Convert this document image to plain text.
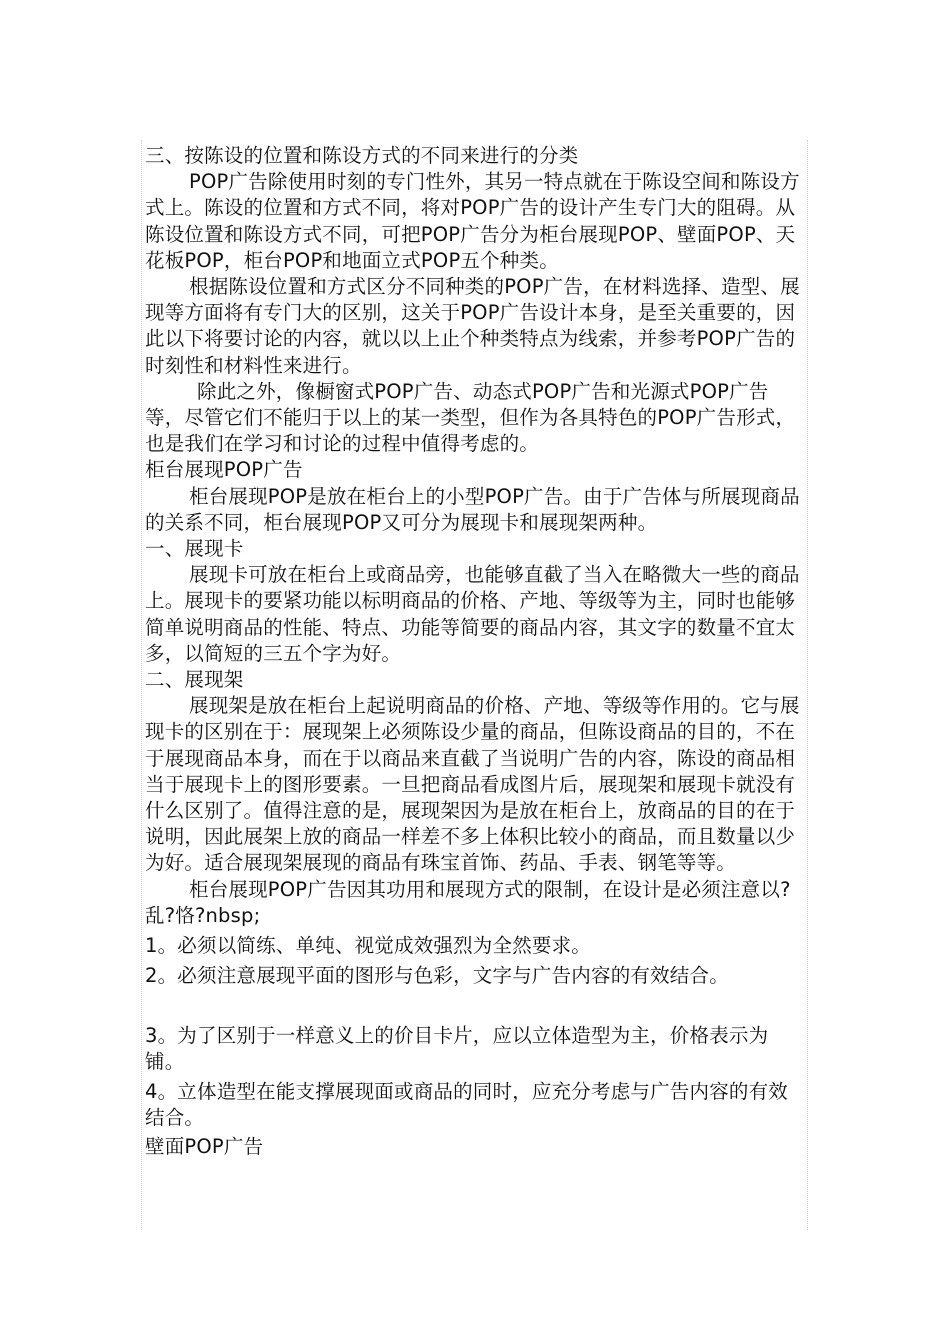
三、按陈设的位置和陈设方式的不同来进行的分类

POP广告除使用时刻的专门性外，其另一特点就在于陈设空间和陈设方式上。陈设的位置和方式不同，将对POP广告的设计产生专门大的阻碍。从陈设位置和陈设方式不同，可把POP广告分为柜台展现POP、壁面POP、天花板POP，柜台POP和地面立式POP五个种类。

根据陈设位置和方式区分不同种类的POP广告，在材料选择、造型、展现等方面将有专门大的区别，这关于POP广告设计本身，是至关重要的，因此以下将要讨论的内容，就以以上止个种类特点为线索，并参考POP广告的时刻性和材料性来进行。

除此之外，像橱窗式POP广告、动态式POP广告和光源式POP广告等，尽管它们不能归于以上的某一类型，但作为各具特色的POP广告形式，也是我们在学习和讨论的过程中值得考虑的。

柜台展现POP广告

柜台展现POP是放在柜台上的小型POP广告。由于广告体与所展现商品的关系不同，柜台展现POP又可分为展现卡和展现架两种。

一、展现卡

展现卡可放在柜台上或商品旁，也能够直截了当入在略微大一些的商品上。展现卡的要紧功能以标明商品的价格、产地、等级等为主，同时也能够简单说明商品的性能、特点、功能等简要的商品内容，其文字的数量不宜太多，以简短的三五个字为好。

二、展现架

展现架是放在柜台上起说明商品的价格、产地、等级等作用的。它与展现卡的区别在于：展现架上必须陈设少量的商品，但陈设商品的目的，不在于展现商品本身，而在于以商品来直截了当说明广告的内容，陈设的商品相当于展现卡上的图形要素。一旦把商品看成图片后，展现架和展现卡就没有什么区别了。值得注意的是，展现架因为是放在柜台上，放商品的目的在于说明，因此展架上放的商品一样差不多上体积比较小的商品，而且数量以少为好。适合展现架展现的商品有珠宝首饰、药品、手表、钢笔等等。

柜台展现POP广告因其功用和展现方式的限制，在设计是必须注意以? 乱?恪?nbsp;

1。必须以简练、单纯、视觉成效强烈为全然要求。

2。必须注意展现平面的图形与色彩，文字与广告内容的有效结合。

3。为了区别于一样意义上的价目卡片，应以立体造型为主，价格表示为铺。

4。立体造型在能支撑展现面或商品的同时，应充分考虑与广告内容的有效结合。

壁面POP广告
